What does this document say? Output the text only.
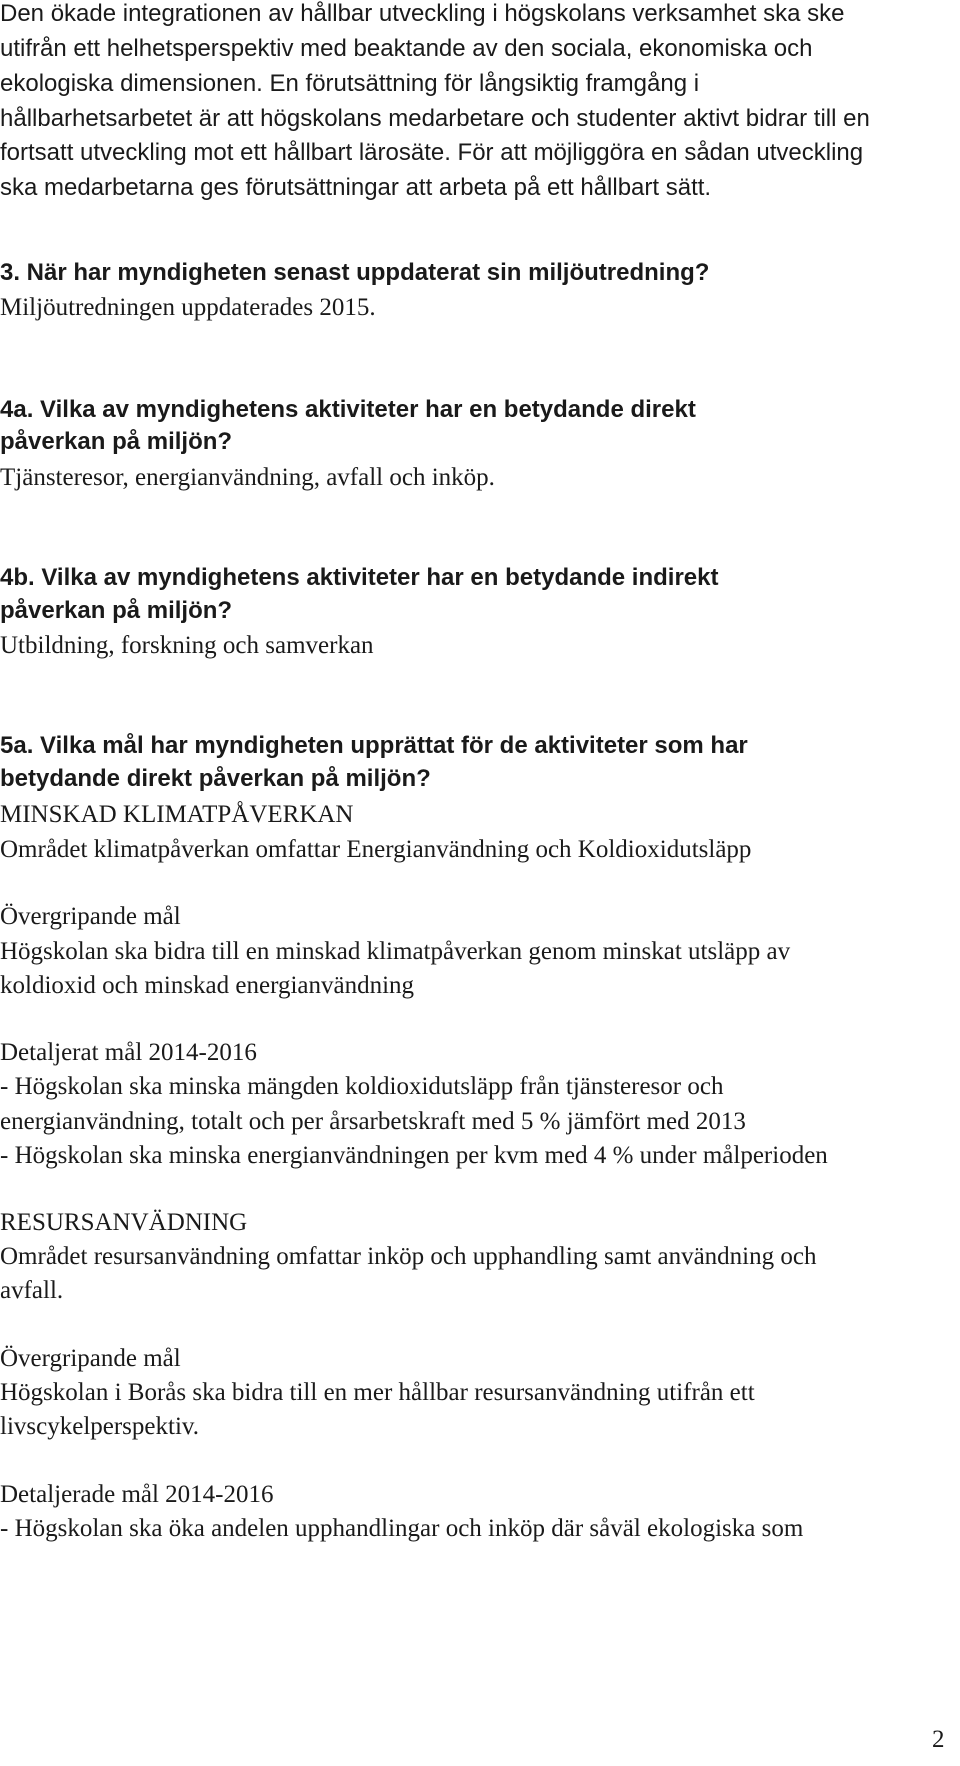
Den ökade integrationen av hållbar utveckling i högskolans verksamhet ska ske
utifrån ett helhetsperspektiv med beaktande av den sociala, ekonomiska och
ekologiska dimensionen. En förutsättning för långsiktig framgång i
hållbarhetsarbetet är att högskolans medarbetare och studenter aktivt bidrar till en
fortsatt utveckling mot ett hållbart lärosäte. För att möjliggöra en sådan utveckling
ska medarbetarna ges förutsättningar att arbeta på ett hållbart sätt.
3. När har myndigheten senast uppdaterat sin miljöutredning?
Miljöutredningen uppdaterades 2015.
4a. Vilka av myndighetens aktiviteter har en betydande direkt
påverkan på miljön?
Tjänsteresor, energianvändning, avfall och inköp.
4b. Vilka av myndighetens aktiviteter har en betydande indirekt
påverkan på miljön?
Utbildning, forskning och samverkan
5a. Vilka mål har myndigheten upprättat för de aktiviteter som har
betydande direkt påverkan på miljön?
MINSKAD KLIMATPÅVERKAN
Området klimatpåverkan omfattar Energianvändning och Koldioxidutsläpp
Övergripande mål
Högskolan ska bidra till en minskad klimatpåverkan genom minskat utsläpp av
koldioxid och minskad energianvändning
Detaljerat mål 2014-2016
- Högskolan ska minska mängden koldioxidutsläpp från tjänsteresor och
energianvändning, totalt och per årsarbetskraft med 5 % jämfört med 2013
- Högskolan ska minska energianvändningen per kvm med 4 % under målperioden
RESURSANVÄDNING
Området resursanvändning omfattar inköp och upphandling samt användning och
avfall.
Övergripande mål
Högskolan i Borås ska bidra till en mer hållbar resursanvändning utifrån ett
livscykelperspektiv.
Detaljerade mål 2014-2016
- Högskolan ska öka andelen upphandlingar och inköp där såväl ekologiska som
2
